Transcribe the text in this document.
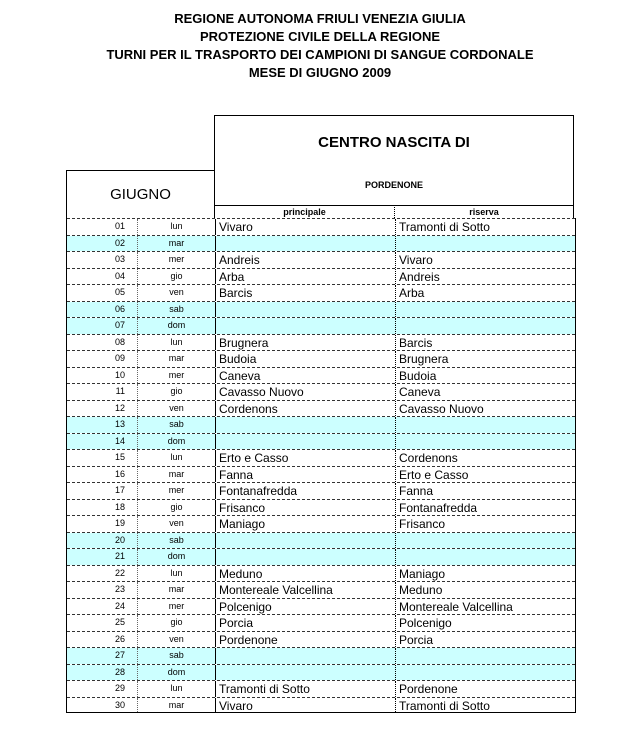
REGIONE AUTONOMA FRIULI VENEZIA GIULIA
PROTEZIONE CIVILE DELLA REGIONE
TURNI PER IL TRASPORTO DEI CAMPIONI DI SANGUE CORDONALE
MESE DI GIUGNO 2009
CENTRO NASCITA DI
PORDENONE
GIUGNO
principale	riserva
01	lun	Vivaro	Tramonti di Sotto
02	mar
03	mer	Andreis	Vivaro
04	gio	Arba	Andreis
05	ven	Barcis	Arba
06	sab
07	dom
08	lun	Brugnera	Barcis
09	mar	Budoia	Brugnera
10	mer	Caneva	Budoia
11	gio	Cavasso Nuovo	Caneva
12	ven	Cordenons	Cavasso Nuovo
13	sab
14	dom
15	lun	Erto e Casso	Cordenons
16	mar	Fanna	Erto e Casso
17	mer	Fontanafredda	Fanna
18	gio	Frisanco	Fontanafredda
19	ven	Maniago	Frisanco
20	sab
21	dom
22	lun	Meduno	Maniago
23	mar	Montereale Valcellina	Meduno
24	mer	Polcenigo	Montereale Valcellina
25	gio	Porcia	Polcenigo
26	ven	Pordenone	Porcia
27	sab
28	dom
29	lun	Tramonti di Sotto	Pordenone
30	mar	Vivaro	Tramonti di Sotto
